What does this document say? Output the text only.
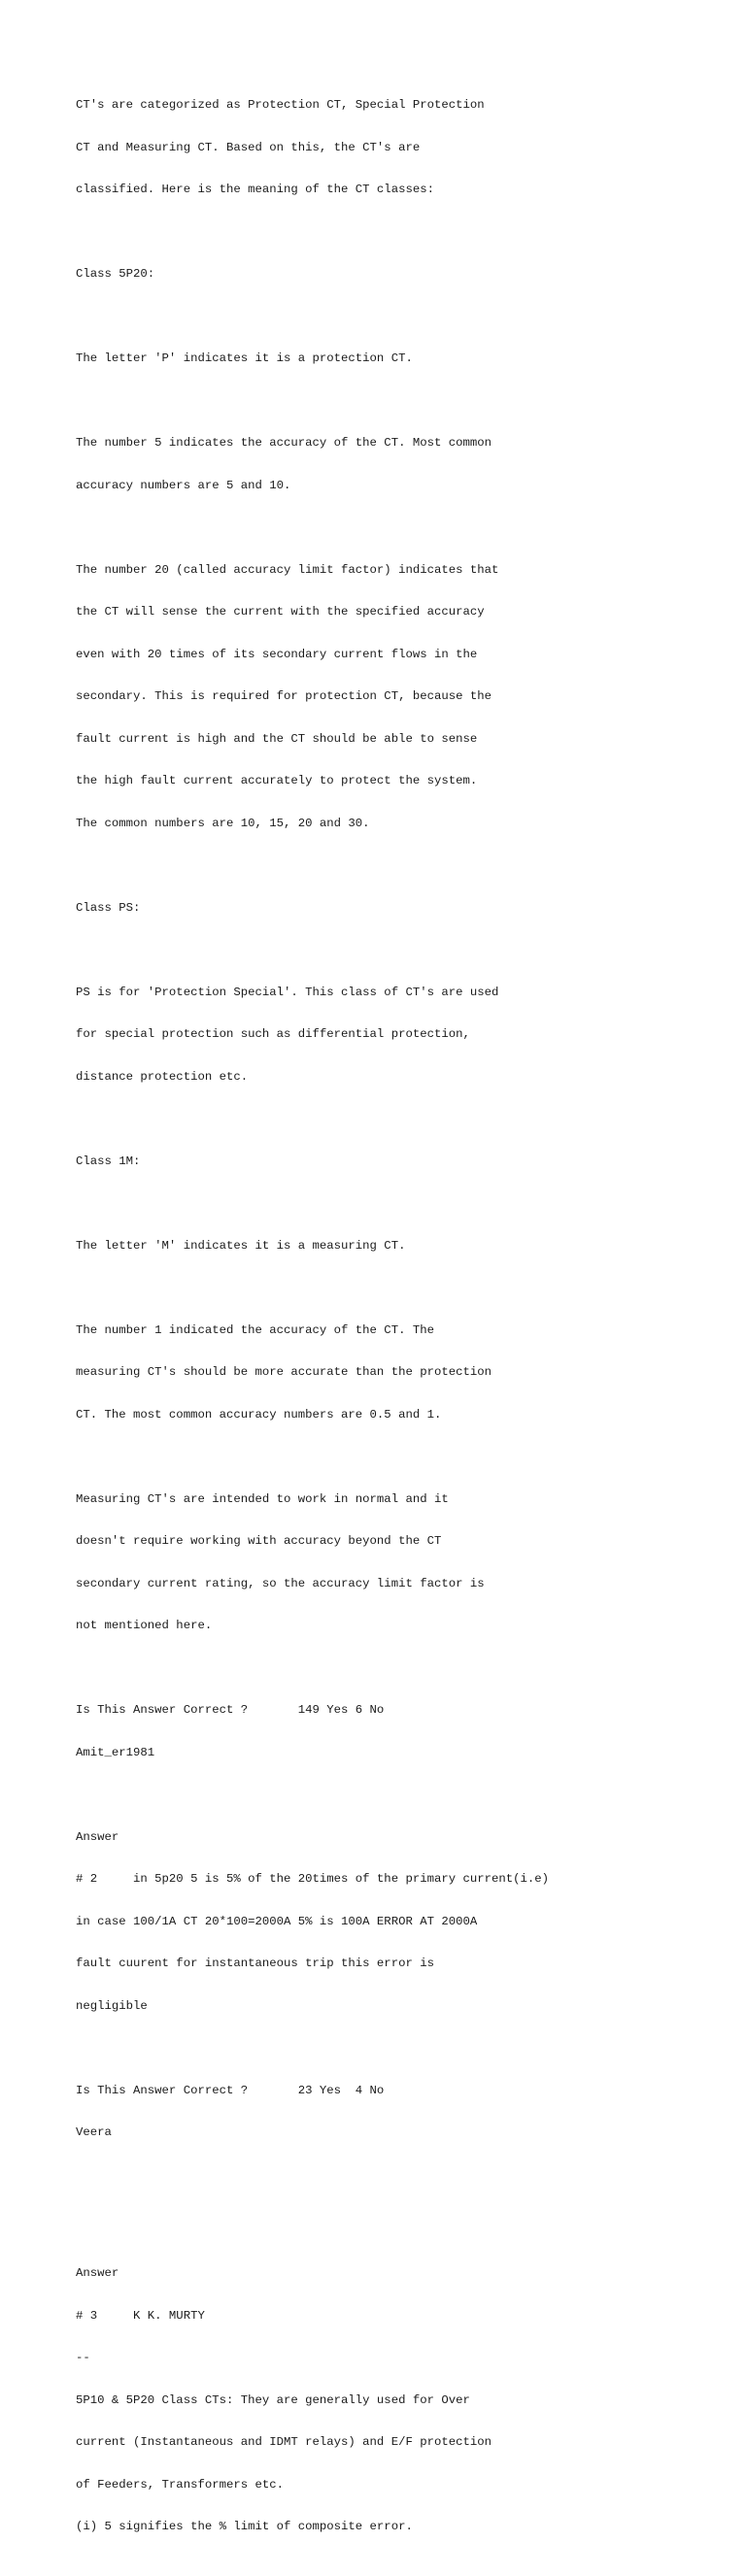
CT's are categorized as Protection CT, Special Protection

CT and Measuring CT. Based on this, the CT's are

classified. Here is the meaning of the CT classes:

Class 5P20:

The letter 'P' indicates it is a protection CT.

The number 5 indicates the accuracy of the CT. Most common

accuracy numbers are 5 and 10.

The number 20 (called accuracy limit factor) indicates that

the CT will sense the current with the specified accuracy

even with 20 times of its secondary current flows in the

secondary. This is required for protection CT, because the

fault current is high and the CT should be able to sense

the high fault current accurately to protect the system.

The common numbers are 10, 15, 20 and 30.

Class PS:

PS is for 'Protection Special'. This class of CT's are used

for special protection such as differential protection,

distance protection etc.

Class 1M:

The letter 'M' indicates it is a measuring CT.

The number 1 indicated the accuracy of the CT. The

measuring CT's should be more accurate than the protection

CT. The most common accuracy numbers are 0.5 and 1.

Measuring CT's are intended to work in normal and it

doesn't require working with accuracy beyond the CT

secondary current rating, so the accuracy limit factor is

not mentioned here.

Is This Answer Correct ?       149 Yes 6 No

Amit_er1981

Answer

# 2     in 5p20 5 is 5% of the 20times of the primary current(i.e)

in case 100/1A CT 20*100=2000A 5% is 100A ERROR AT 2000A

fault cuurent for instantaneous trip this error is

negligible

Is This Answer Correct ?       23 Yes  4 No

Veera

Answer

# 3     K K. MURTY

--

5P10 & 5P20 Class CTs: They are generally used for Over

current (Instantaneous and IDMT relays) and E/F protection

of Feeders, Transformers etc.

(i) 5 signifies the % limit of composite error.
